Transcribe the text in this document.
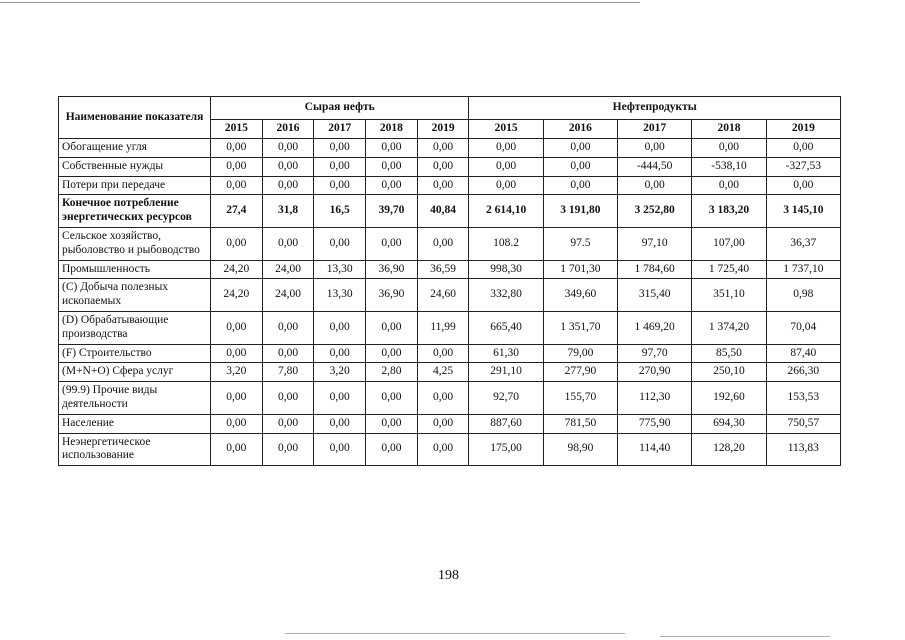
Наименование показателя	Сырая нефть					Нефтепродукты				
	2015	2016	2017	2018	2019	2015	2016	2017	2018	2019
Обогащение угля	0,00	0,00	0,00	0,00	0,00	0,00	0,00	0,00	0,00	0,00
Собственные нужды	0,00	0,00	0,00	0,00	0,00	0,00	0,00	-444,50	-538,10	-327,53
Потери при передаче	0,00	0,00	0,00	0,00	0,00	0,00	0,00	0,00	0,00	0,00
Конечное потребление энергетических ресурсов	27,4	31,8	16,5	39,70	40,84	2 614,10	3 191,80	3 252,80	3 183,20	3 145,10
Сельское хозяйство, рыболовство и рыбоводство	0,00	0,00	0,00	0,00	0,00	108.2	97.5	97,10	107,00	36,37
Промышленность	24,20	24,00	13,30	36,90	36,59	998,30	1 701,30	1 784,60	1 725,40	1 737,10
(C) Добыча полезных ископаемых	24,20	24,00	13,30	36,90	24,60	332,80	349,60	315,40	351,10	0,98
(D) Обрабатывающие производства	0,00	0,00	0,00	0,00	11,99	665,40	1 351,70	1 469,20	1 374,20	70,04
(F) Строительство	0,00	0,00	0,00	0,00	0,00	61,30	79,00	97,70	85,50	87,40
(M+N+O) Сфера услуг	3,20	7,80	3,20	2,80	4,25	291,10	277,90	270,90	250,10	266,30
(99.9) Прочие виды деятельности	0,00	0,00	0,00	0,00	0,00	92,70	155,70	112,30	192,60	153,53
Население	0,00	0,00	0,00	0,00	0,00	887,60	781,50	775,90	694,30	750,57
Неэнергетическое использование	0,00	0,00	0,00	0,00	0,00	175,00	98,90	114,40	128,20	113,83
198
